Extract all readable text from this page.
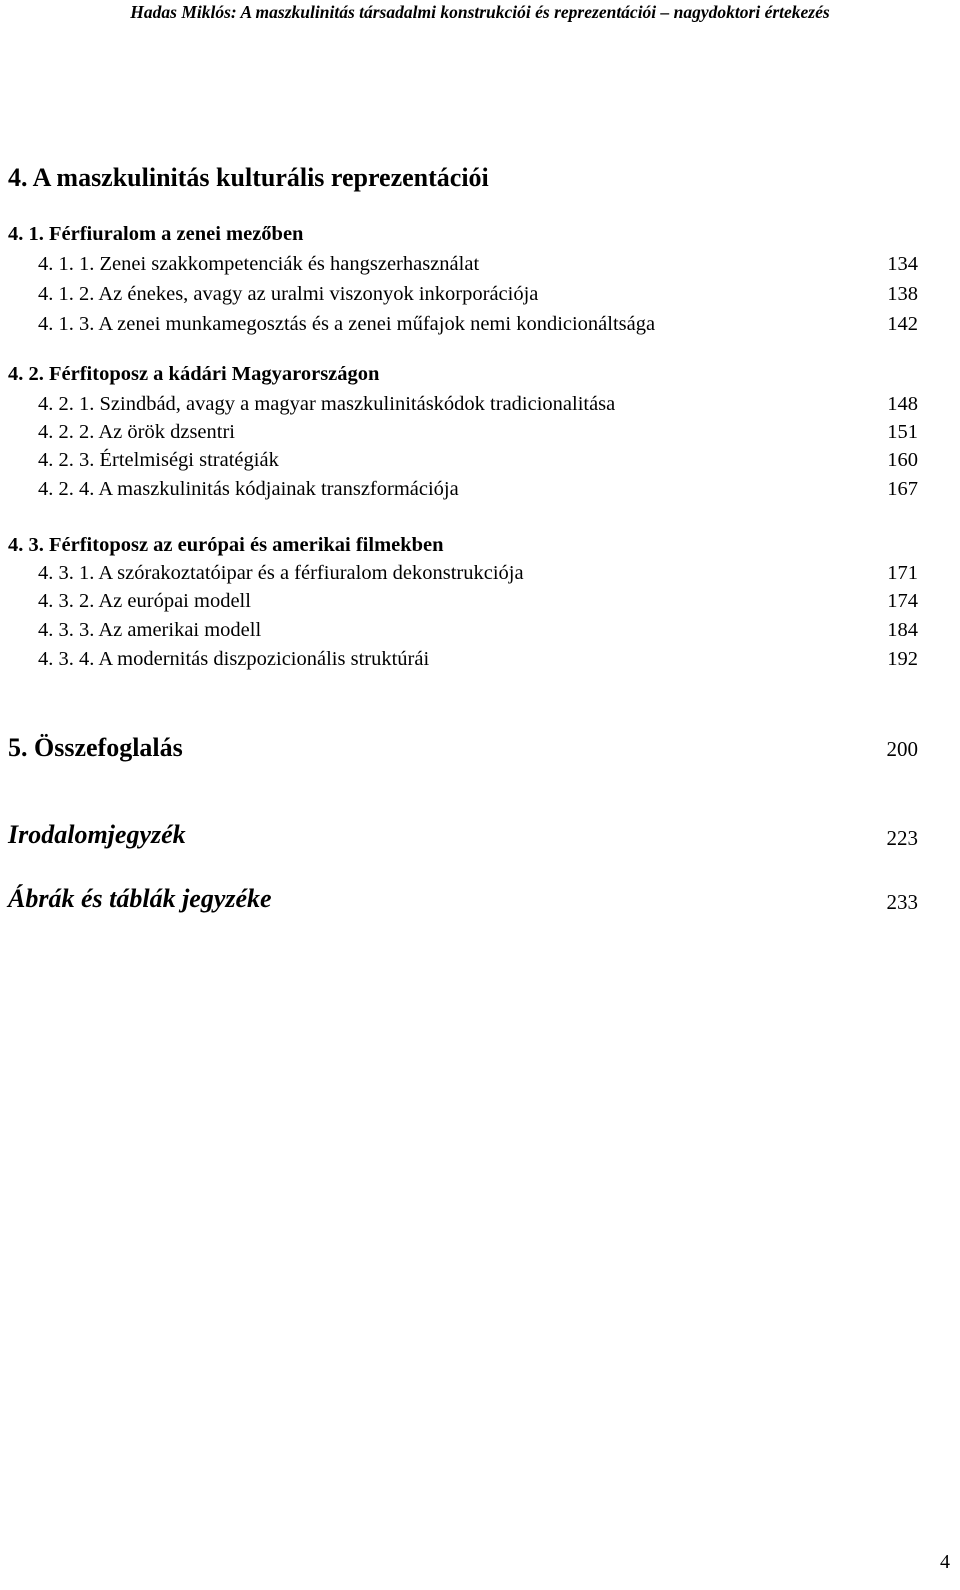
Hadas Miklós: A maszkulinitás társadalmi konstrukciói és reprezentációi – nagydoktori értekezés
4. A maszkulinitás kulturális reprezentációi
4. 1. Férfiuralom a zenei mezőben
4. 1. 1. Zenei szakkompetenciák és hangszerhasználat	134
4. 1. 2. Az énekes, avagy az uralmi viszonyok inkorporációja	138
4. 1. 3. A zenei munkamegosztás és a zenei műfajok nemi kondicionáltsága	142
4. 2. Férfitoposz a kádári Magyarországon
4. 2. 1. Szindbád, avagy a magyar maszkulinitáskódok tradicionalitása	148
4. 2. 2. Az örök dzsentri	151
4. 2. 3. Értelmiségi stratégiák	160
4. 2. 4. A maszkulinitás kódjainak transzformációja	167
4. 3. Férfitoposz az európai és amerikai filmekben
4. 3. 1. A szórakoztatóipar és a férfiuralom dekonstrukciója	171
4. 3. 2. Az európai modell	174
4. 3. 3. Az amerikai modell	184
4. 3. 4. A modernitás diszpozicionális struktúrái	192
5. Összefoglalás	200
Irodalomjegyzék	223
Ábrák és táblák jegyzéke	233
4
